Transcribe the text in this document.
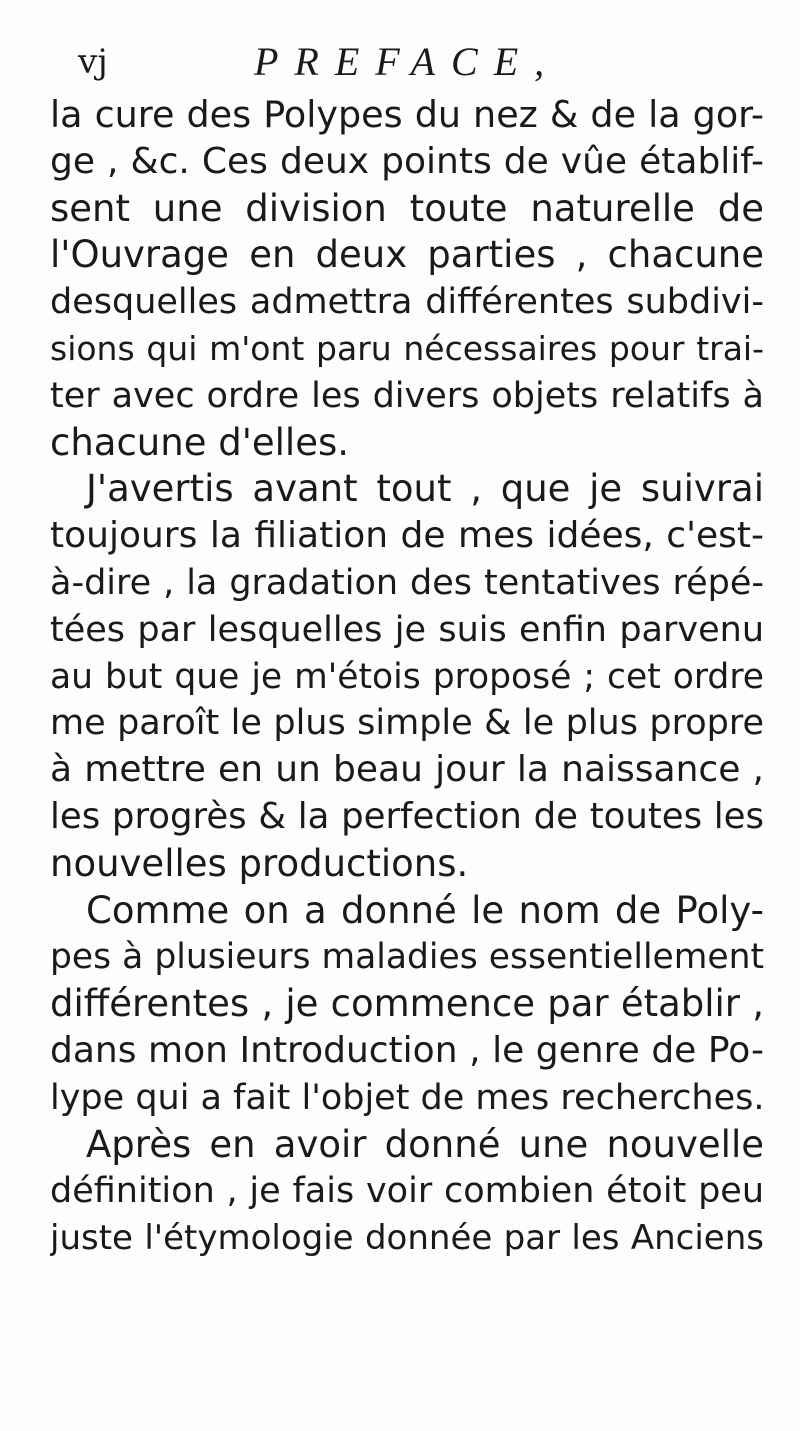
vj	PREFACE,
la cure des Polypes du nez & de la gor-
ge , &c. Ces deux points de vûe établif-
sent une division toute naturelle de
l'Ouvrage en deux parties , chacune
desquelles admettra différentes subdivi-
sions qui m'ont paru nécessaires pour trai-
ter avec ordre les divers objets relatifs à
chacune d'elles.
J'avertis avant tout , que je suivrai
toujours la filiation de mes idées, c'est-
à-dire , la gradation des tentatives répé-
tées par lesquelles je suis enfin parvenu
au but que je m'étois proposé ; cet ordre
me paroît le plus simple & le plus propre
à mettre en un beau jour la naissance ,
les progrès & la perfection de toutes les
nouvelles productions.
Comme on a donné le nom de Poly-
pes à plusieurs maladies essentiellement
différentes , je commence par établir ,
dans mon Introduction , le genre de Po-
lype qui a fait l'objet de mes recherches.
Après en avoir donné une nouvelle
définition , je fais voir combien étoit peu
juste l'étymologie donnée par les Anciens
